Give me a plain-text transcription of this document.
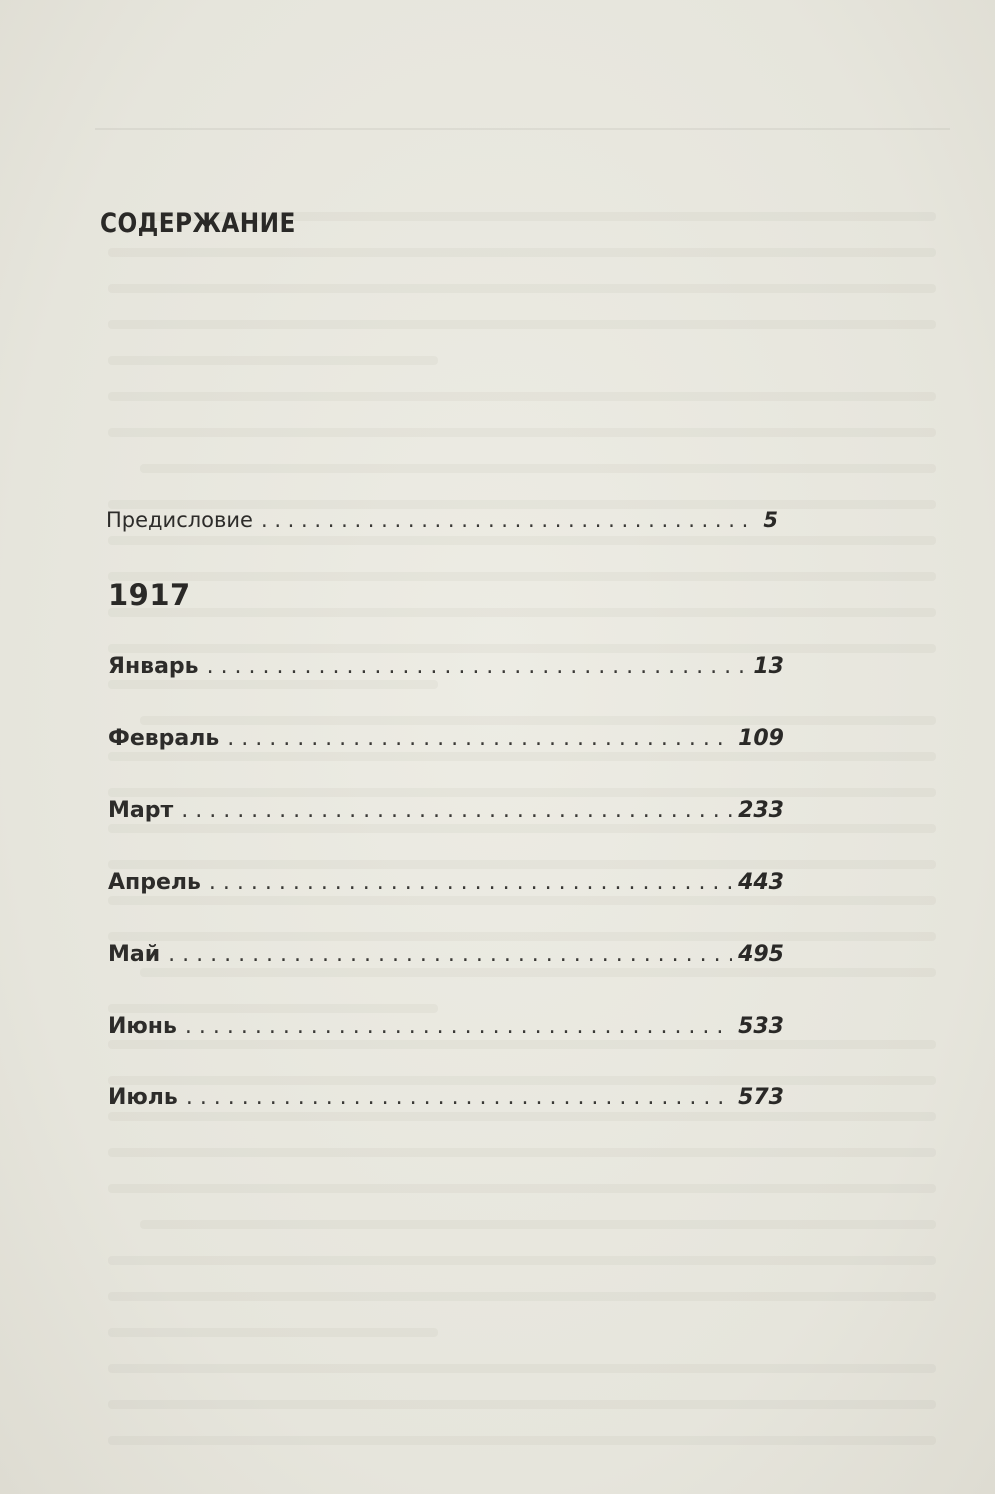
СОДЕРЖАНИЕ
Предисловие . . .	5
1917
Январь . . .	13
Февраль . . .	109
Март . . .	233
Апрель . . .	443
Май . . .	495
Июнь . . .	533
Июль . . .	573
